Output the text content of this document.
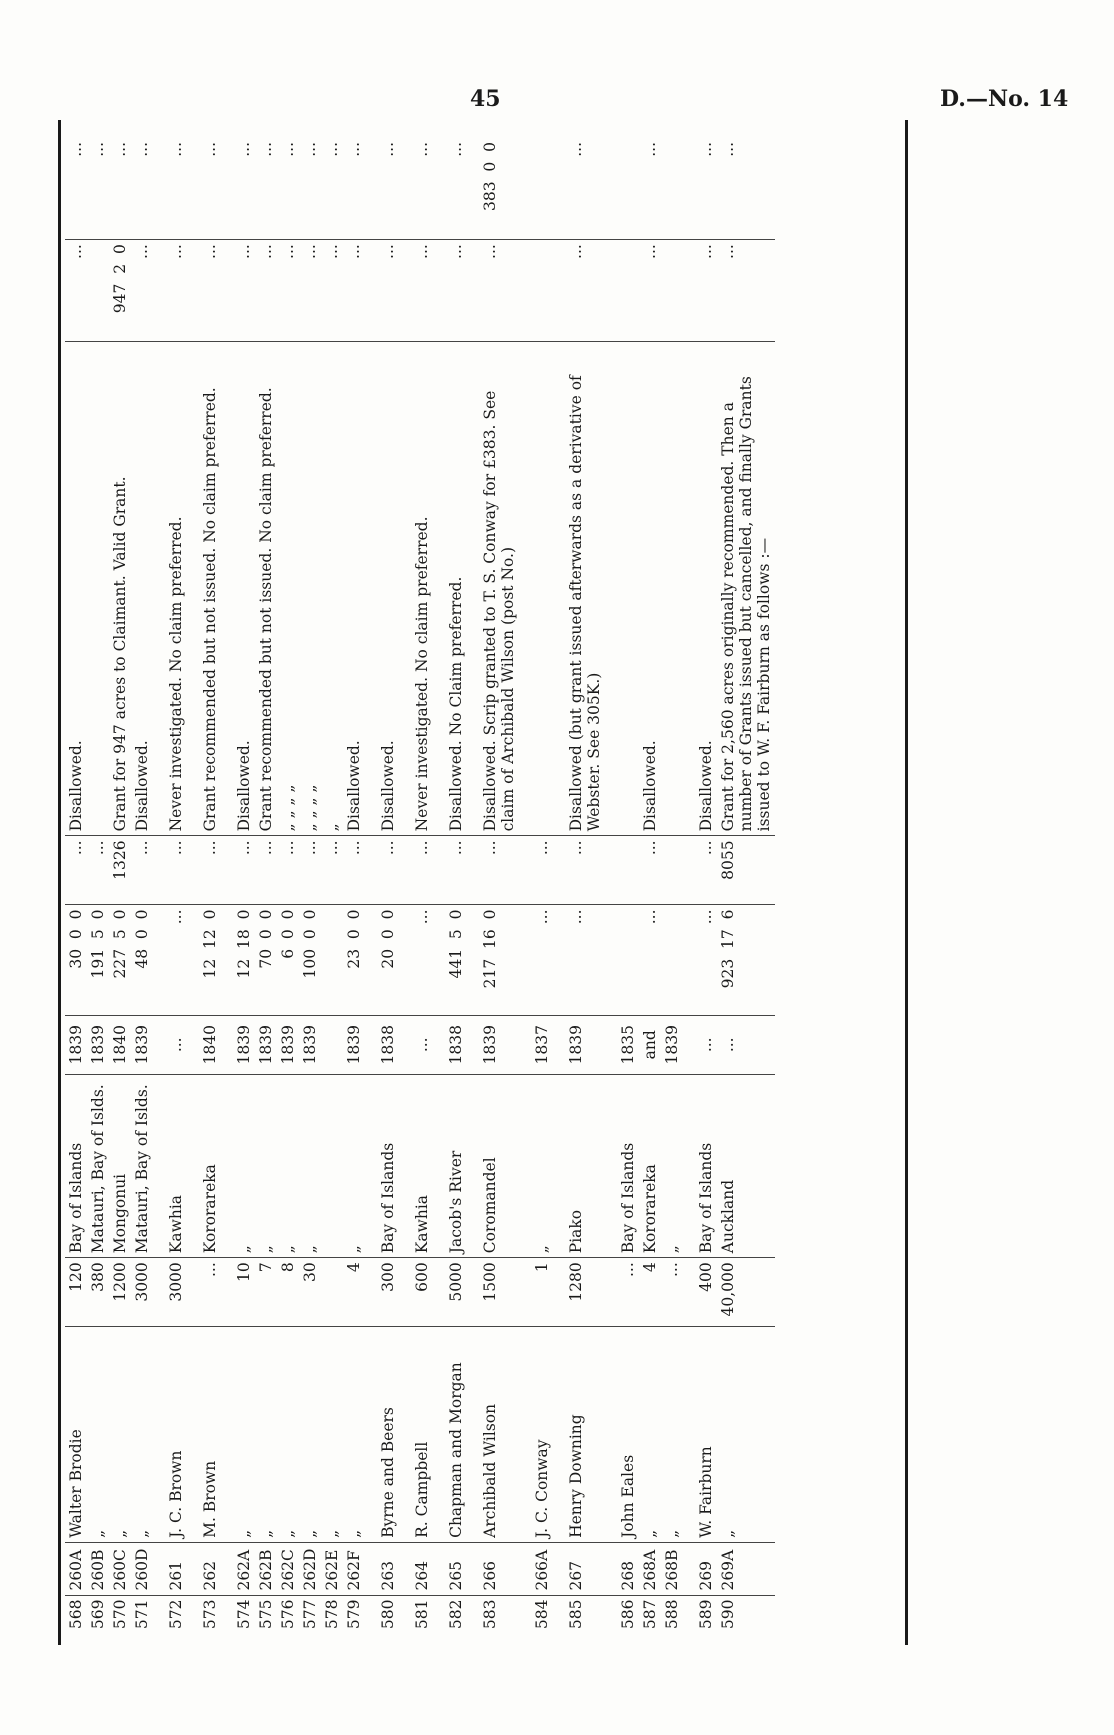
45	D.—No. 14
568	260A	Walter Brodie	120	Bay of Islands	1839	30  0  0	...	Disallowed.	...	...
569	260B	„	380	Matauri, Bay of Islds.	1839	191  5  0	...			...
570	260C	„	1200	Mongonui	1840	227  5  0	1326	Grant for 947 acres to Claimant. Valid Grant.	947  2  0	...
571	260D	„	3000	Matauri, Bay of Islds.	1839	48  0  0	...	Disallowed.	...	...
572	261	J. C. Brown	3000	Kawhia	...	...	...	Never investigated. No claim preferred.	...	...
573	262	M. Brown	...	Kororareka	1840	12  12  0	...	Grant recommended but not issued. No claim preferred.	...	...
574	262A	„	10	„	1839	12  18  0	...	Disallowed.	...	...
575	262B	„	7	„	1839	70  0  0	...	Grant recommended but not issued. No claim preferred.	...	...
576	262C	„	8	„	1839	6  0  0	...	„ „ „ „	...	...
577	262D	„	30	„	1839	100  0  0	...	„ „ „ „	...	...
578	262E	„					...	„	...	...
579	262F	„	4	„	1839	23  0  0	...	Disallowed.	...	...
580	263	Byrne and Beers	300	Bay of Islands	1838	20  0  0	...	Disallowed.	...	...
581	264	R. Campbell	600	Kawhia	...	...	...	Never investigated. No claim preferred.	...	...
582	265	Chapman and Morgan	5000	Jacob's River	1838	441  5  0	...	Disallowed. No Claim preferred.	...	...
583	266	Archibald Wilson	1500	Coromandel	1839	217  16  0	...	Disallowed. Scrip granted to T. S. Conway for £383. See claim of Archibald Wilson (post No.)	...	383  0  0
584	266A	J. C. Conway	1	„	1837	...	...			
585	267	Henry Downing	1280	Piako	1839	...	...	Disallowed (but grant issued afterwards as a derivative of Webster. See 305K.)	...	...
586	268	John Eales	...	Bay of Islands	1835					
587	268A	„	4	Kororareka	and	...	...	Disallowed.	...	...
588	268B	„	...	„	1839					
589	269	W. Fairburn	400	Bay of Islands	...	...	...	Disallowed.	...	...
590	269A	„	40,000	Auckland	...	923  17  6	8055	Grant for 2,560 acres originally recommended. Then a number of Grants issued but cancelled, and finally Grants issued to W. F. Fairburn as follows :—	...	...
